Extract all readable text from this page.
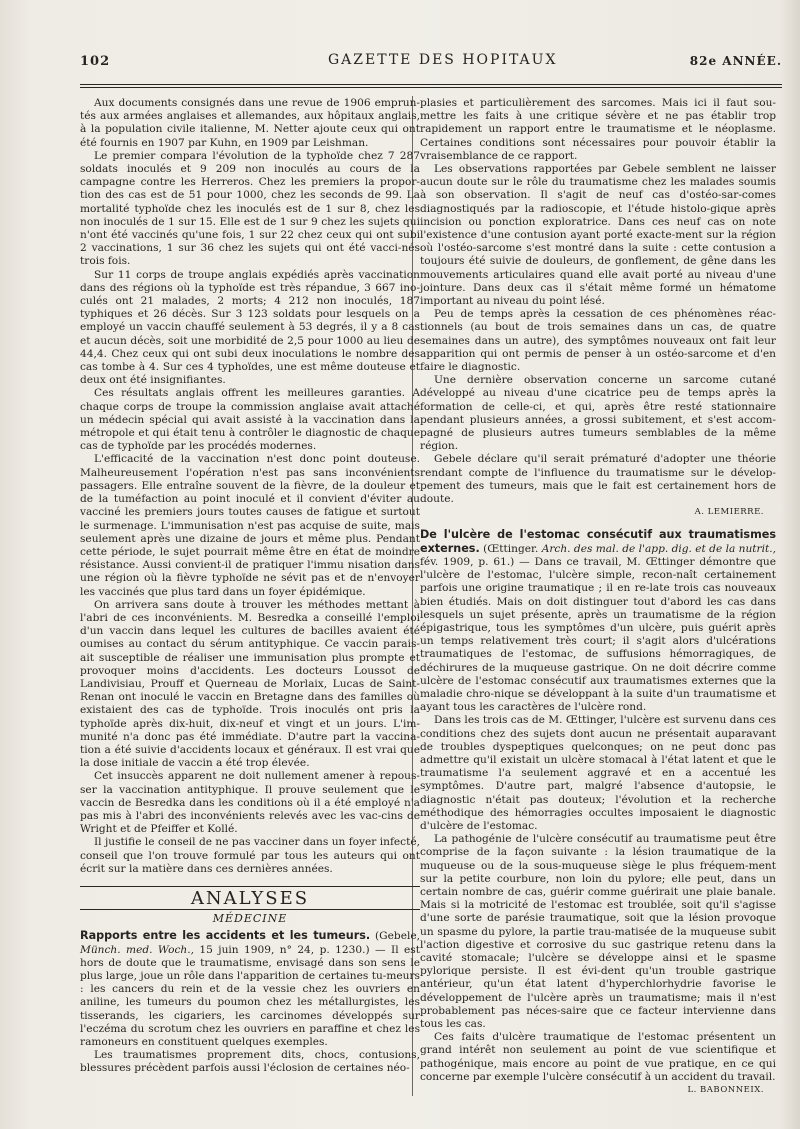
102	GAZETTE DES HOPITAUX	82e ANNÉE.

Aux documents consignés dans une revue de 1906 emprun-tés aux armées anglaises et allemandes, aux hôpitaux anglais, à la population civile italienne, M. Netter ajoute ceux qui ont été fournis en 1907 par Kuhn, en 1909 par Leishman.

Le premier compara l'évolution de la typhoïde chez 7 287 soldats inoculés et 9 209 non inoculés au cours de la campagne contre les Herreros. Chez les premiers la propor-tion des cas est de 51 pour 1000, chez les seconds de 99. La mortalité typhoïde chez les inoculés est de 1 sur 8, chez les non inoculés de 1 sur 15. Elle est de 1 sur 9 chez les sujets qui n'ont été vaccinés qu'une fois, 1 sur 22 chez ceux qui ont subi 2 vaccinations, 1 sur 36 chez les sujets qui ont été vacci-nés trois fois.

Sur 11 corps de troupe anglais expédiés après vaccination dans des régions où la typhoïde est très répandue, 3 667 ino-culés ont 21 malades, 2 morts; 4 212 non inoculés, 187 typhiques et 26 décès. Sur 3 123 soldats pour lesquels on a employé un vaccin chauffé seulement à 53 degrés, il y a 8 cas et aucun décès, soit une morbidité de 2,5 pour 1000 au lieu de 44,4. Chez ceux qui ont subi deux inoculations le nombre des cas tombe à 4. Sur ces 4 typhoïdes, une est même douteuse et deux ont été insignifiantes.

Ces résultats anglais offrent les meilleures garanties. A chaque corps de troupe la commission anglaise avait attaché un médecin spécial qui avait assisté à la vaccination dans la métropole et qui était tenu à contrôler le diagnostic de chaque cas de typhoïde par les procédés modernes.

L'efficacité de la vaccination n'est donc point douteuse. Malheureusement l'opération n'est pas sans inconvénients passagers. Elle entraîne souvent de la fièvre, de la douleur et de la tuméfaction au point inoculé et il convient d'éviter au vacciné les premiers jours toutes causes de fatigue et surtout le surmenage. L'immunisation n'est pas acquise de suite, mais seulement après une dizaine de jours et même plus. Pendant cette période, le sujet pourrait même être en état de moindre résistance. Aussi convient-il de pratiquer l'immu nisation dans une région où la fièvre typhoïde ne sévit pas et de n'envoyer les vaccinés que plus tard dans un foyer épidémique.

On arrivera sans doute à trouver les méthodes mettant à l'abri de ces inconvénients. M. Besredka a conseillé l'emploi d'un vaccin dans lequel les cultures de bacilles avaient été oumises au contact du sérum antityphique. Ce vaccin parais-ait susceptible de réaliser une immunisation plus prompte et provoquer moins d'accidents. Les docteurs Loussot de Landivisiau, Prouff et Querneau de Morlaix, Lucas de Saint-Renan ont inoculé le vaccin en Bretagne dans des familles où existaient des cas de typhoïde. Trois inoculés ont pris la typhoïde après dix-huit, dix-neuf et vingt et un jours. L'im-munité n'a donc pas été immédiate. D'autre part la vaccina-tion a été suivie d'accidents locaux et généraux. Il est vrai que la dose initiale de vaccin a été trop élevée.

Cet insuccès apparent ne doit nullement amener à repous-ser la vaccination antityphique. Il prouve seulement que le vaccin de Besredka dans les conditions où il a été employé n'a pas mis à l'abri des inconvénients relevés avec les vac-cins de Wright et de Pfeiffer et Kollé.

Il justifie le conseil de ne pas vacciner dans un foyer infecté, conseil que l'on trouve formulé par tous les auteurs qui ont écrit sur la matière dans ces dernières années.

ANALYSES
MÉDECINE

Rapports entre les accidents et les tumeurs. (Gebele, Münch. med. Woch., 15 juin 1909, n° 24, p. 1230.) — Il est hors de doute que le traumatisme, envisagé dans son sens le plus large, joue un rôle dans l'apparition de certaines tu-meurs : les cancers du rein et de la vessie chez les ouvriers en aniline, les tumeurs du poumon chez les métallurgistes, les tisserands, les cigariers, les carcinomes développés sur l'eczéma du scrotum chez les ouvriers en paraffine et chez les ramoneurs en constituent quelques exemples.

Les traumatismes proprement dits, chocs, contusions, blessures précèdent parfois aussi l'éclosion de certaines néo-

plasies et particulièrement des sarcomes. Mais ici il faut sou-mettre les faits à une critique sévère et ne pas établir trop rapidement un rapport entre le traumatisme et le néoplasme. Certaines conditions sont nécessaires pour pouvoir établir la vraisemblance de ce rapport.

Les observations rapportées par Gebele semblent ne laisser aucun doute sur le rôle du traumatisme chez les malades soumis à son observation. Il s'agit de neuf cas d'ostéo-sar-comes diagnostiqués par la radioscopie, et l'étude histolo-gique après incision ou ponction exploratrice. Dans ces neuf cas on note l'existence d'une contusion ayant porté exacte-ment sur la région où l'ostéo-sarcome s'est montré dans la suite : cette contusion a toujours été suivie de douleurs, de gonflement, de gêne dans les mouvements articulaires quand elle avait porté au niveau d'une jointure. Dans deux cas il s'était même formé un hématome important au niveau du point lésé.

Peu de temps après la cessation de ces phénomènes réac-tionnels (au bout de trois semaines dans un cas, de quatre semaines dans un autre), des symptômes nouveaux ont fait leur apparition qui ont permis de penser à un ostéo-sarcome et d'en faire le diagnostic.

Une dernière observation concerne un sarcome cutané développé au niveau d'une cicatrice peu de temps après la formation de celle-ci, et qui, après être resté stationnaire pendant plusieurs années, a grossi subitement, et s'est accom-pagné de plusieurs autres tumeurs semblables de la même région.

Gebele déclare qu'il serait prématuré d'adopter une théorie rendant compte de l'influence du traumatisme sur le dévelop-pement des tumeurs, mais que le fait est certainement hors de doute.

A. LEMIERRE.

De l'ulcère de l'estomac consécutif aux traumatismes externes. (Œttinger. Arch. des mal. de l'app. dig. et de la nutrit., fév. 1909, p. 61.) — Dans ce travail, M. Œttinger démontre que l'ulcère de l'estomac, l'ulcère simple, recon-naît certainement parfois une origine traumatique ; il en re-late trois cas nouveaux bien étudiés. Mais on doit distinguer tout d'abord les cas dans lesquels un sujet présente, après un traumatisme de la région épigastrique, tous les symptômes d'un ulcère, puis guérit après un temps relativement très court; il s'agit alors d'ulcérations traumatiques de l'estomac, de suffusions hémorragiques, de déchirures de la muqueuse gastrique. On ne doit décrire comme ulcère de l'estomac consécutif aux traumatismes externes que la maladie chro-nique se développant à la suite d'un traumatisme et ayant tous les caractères de l'ulcère rond.

Dans les trois cas de M. Œttinger, l'ulcère est survenu dans ces conditions chez des sujets dont aucun ne présentait auparavant de troubles dyspeptiques quelconques; on ne peut donc pas admettre qu'il existait un ulcère stomacal à l'état latent et que le traumatisme l'a seulement aggravé et en a accentué les symptômes. D'autre part, malgré l'absence d'autopsie, le diagnostic n'était pas douteux; l'évolution et la recherche méthodique des hémorragies occultes imposaient le diagnostic d'ulcère de l'estomac.

La pathogénie de l'ulcère consécutif au traumatisme peut être comprise de la façon suivante : la lésion traumatique de la muqueuse ou de la sous-muqueuse siège le plus fréquem-ment sur la petite courbure, non loin du pylore; elle peut, dans un certain nombre de cas, guérir comme guérirait une plaie banale. Mais si la motricité de l'estomac est troublée, soit qu'il s'agisse d'une sorte de parésie traumatique, soit que la lésion provoque un spasme du pylore, la partie trau-matisée de la muqueuse subit l'action digestive et corrosive du suc gastrique retenu dans la cavité stomacale; l'ulcère se développe ainsi et le spasme pylorique persiste. Il est évi-dent qu'un trouble gastrique antérieur, qu'un état latent d'hyperchlorhydrie favorise le développement de l'ulcère après un traumatisme; mais il n'est probablement pas néces-saire que ce facteur intervienne dans tous les cas.

Ces faits d'ulcère traumatique de l'estomac présentent un grand intérêt non seulement au point de vue scientifique et pathogénique, mais encore au point de vue pratique, en ce qui concerne par exemple l'ulcère consécutif à un accident du travail.

L. BABONNEIX.
